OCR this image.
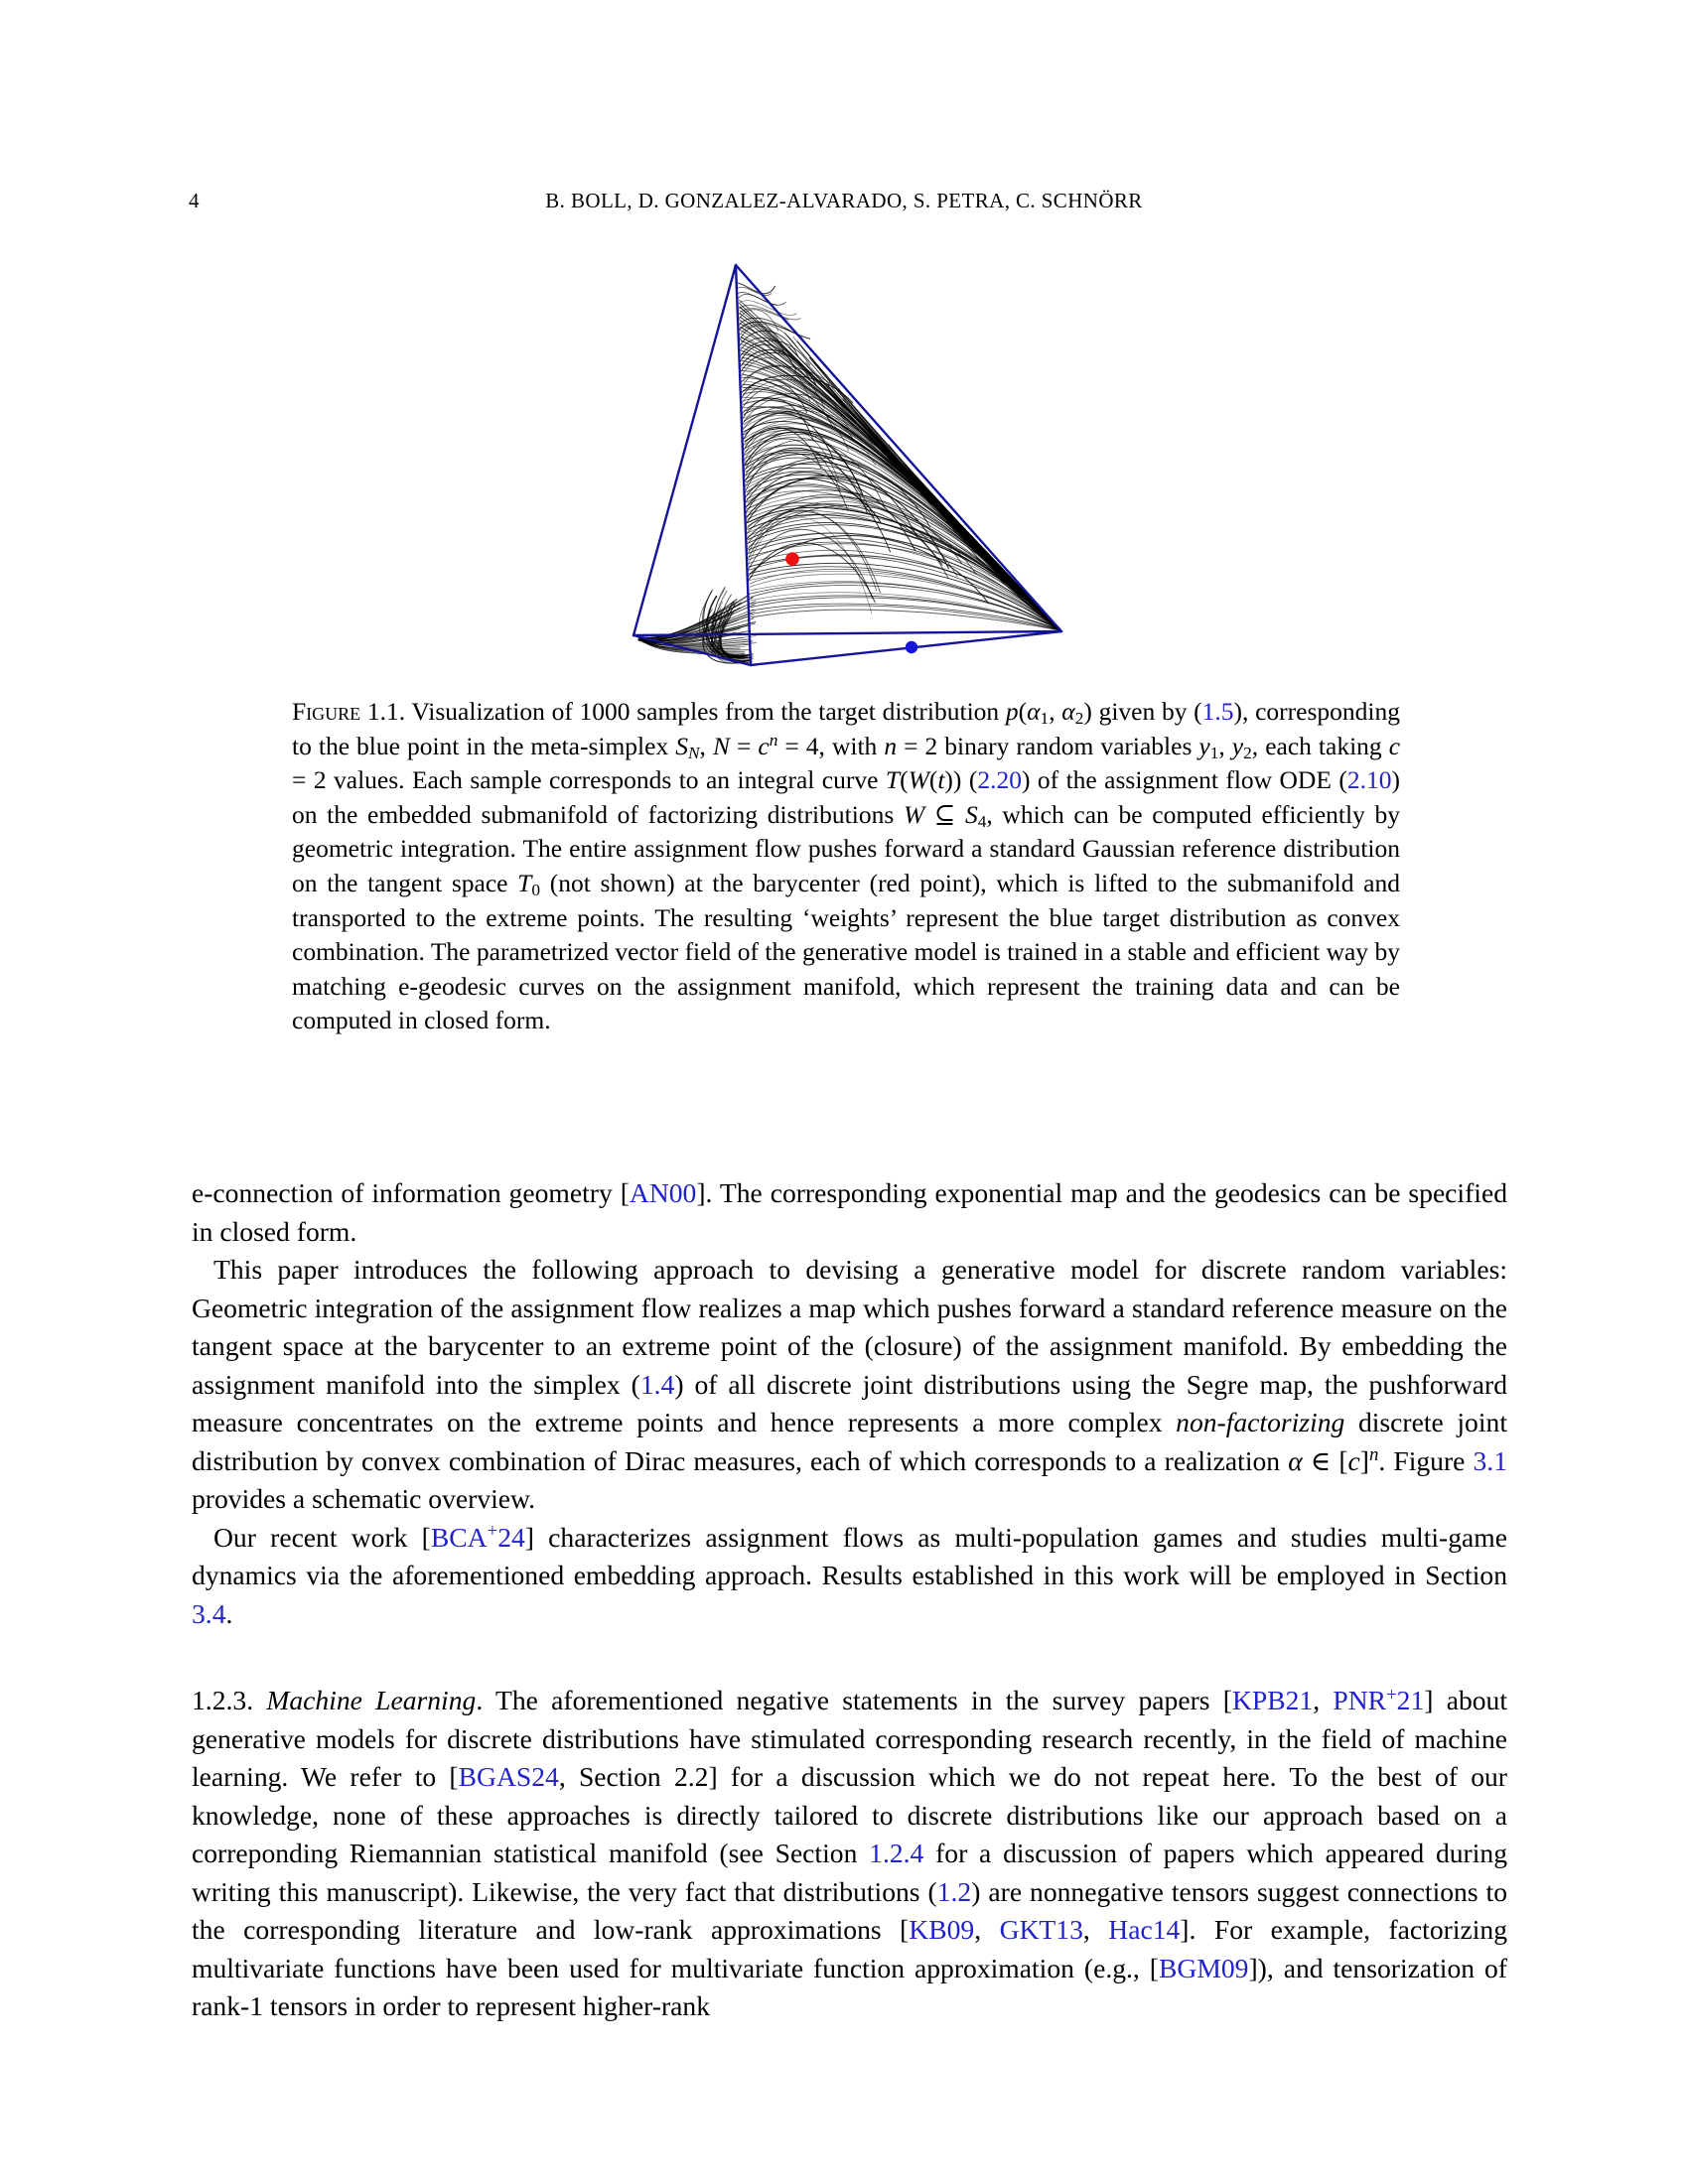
4	B. BOLL, D. GONZALEZ-ALVARADO, S. PETRA, C. SCHNÖRR
Figure 1.1. Visualization of 1000 samples from the target distribution p(α1, α2) given by (1.5), corresponding to the blue point in the meta-simplex SN, $N = c^n = 4$, with n = 2 binary random variables y1, y2, each taking c = 2 values. Each sample corresponds to an integral curve T(W(t)) (2.20) of the assignment flow ODE (2.10) on the embedded submanifold of factorizing distributions W ⊆ S4, which can be computed efficiently by geometric integration. The entire assignment flow pushes forward a standard Gaussian reference distribution on the tangent space T0 (not shown) at the barycenter (red point), which is lifted to the submanifold and transported to the extreme points. The resulting ‘weights’ represent the blue target distribution as convex combination. The parametrized vector field of the generative model is trained in a stable and efficient way by matching e-geodesic curves on the assignment manifold, which represent the training data and can be computed in closed form.

e-connection of information geometry [AN00]. The corresponding exponential map and the geodesics can be specified in closed form.

This paper introduces the following approach to devising a generative model for discrete random variables: Geometric integration of the assignment flow realizes a map which pushes forward a standard reference measure on the tangent space at the barycenter to an extreme point of the (closure) of the assignment manifold. By embedding the assignment manifold into the simplex (1.4) of all discrete joint distributions using the Segre map, the pushforward measure concentrates on the extreme points and hence represents a more complex non-factorizing discrete joint distribution by convex combination of Dirac measures, each of which corresponds to a realization α ∈ $[c]^n$. Figure 3.1 provides a schematic overview.

Our recent work [BCA+24] characterizes assignment flows as multi-population games and studies multi-game dynamics via the aforementioned embedding approach. Results established in this work will be employed in Section 3.4.

1.2.3. Machine Learning. The aforementioned negative statements in the survey papers [KPB21, PNR+21] about generative models for discrete distributions have stimulated corresponding research recently, in the field of machine learning. We refer to [BGAS24, Section 2.2] for a discussion which we do not repeat here. To the best of our knowledge, none of these approaches is directly tailored to discrete distributions like our approach based on a correponding Riemannian statistical manifold (see Section 1.2.4 for a discussion of papers which appeared during writing this manuscript). Likewise, the very fact that distributions (1.2) are nonnegative tensors suggest connections to the corresponding literature and low-rank approximations [KB09, GKT13, Hac14]. For example, factorizing multivariate functions have been used for multivariate function approximation (e.g., [BGM09]), and tensorization of rank-1 tensors in order to represent higher-rank
